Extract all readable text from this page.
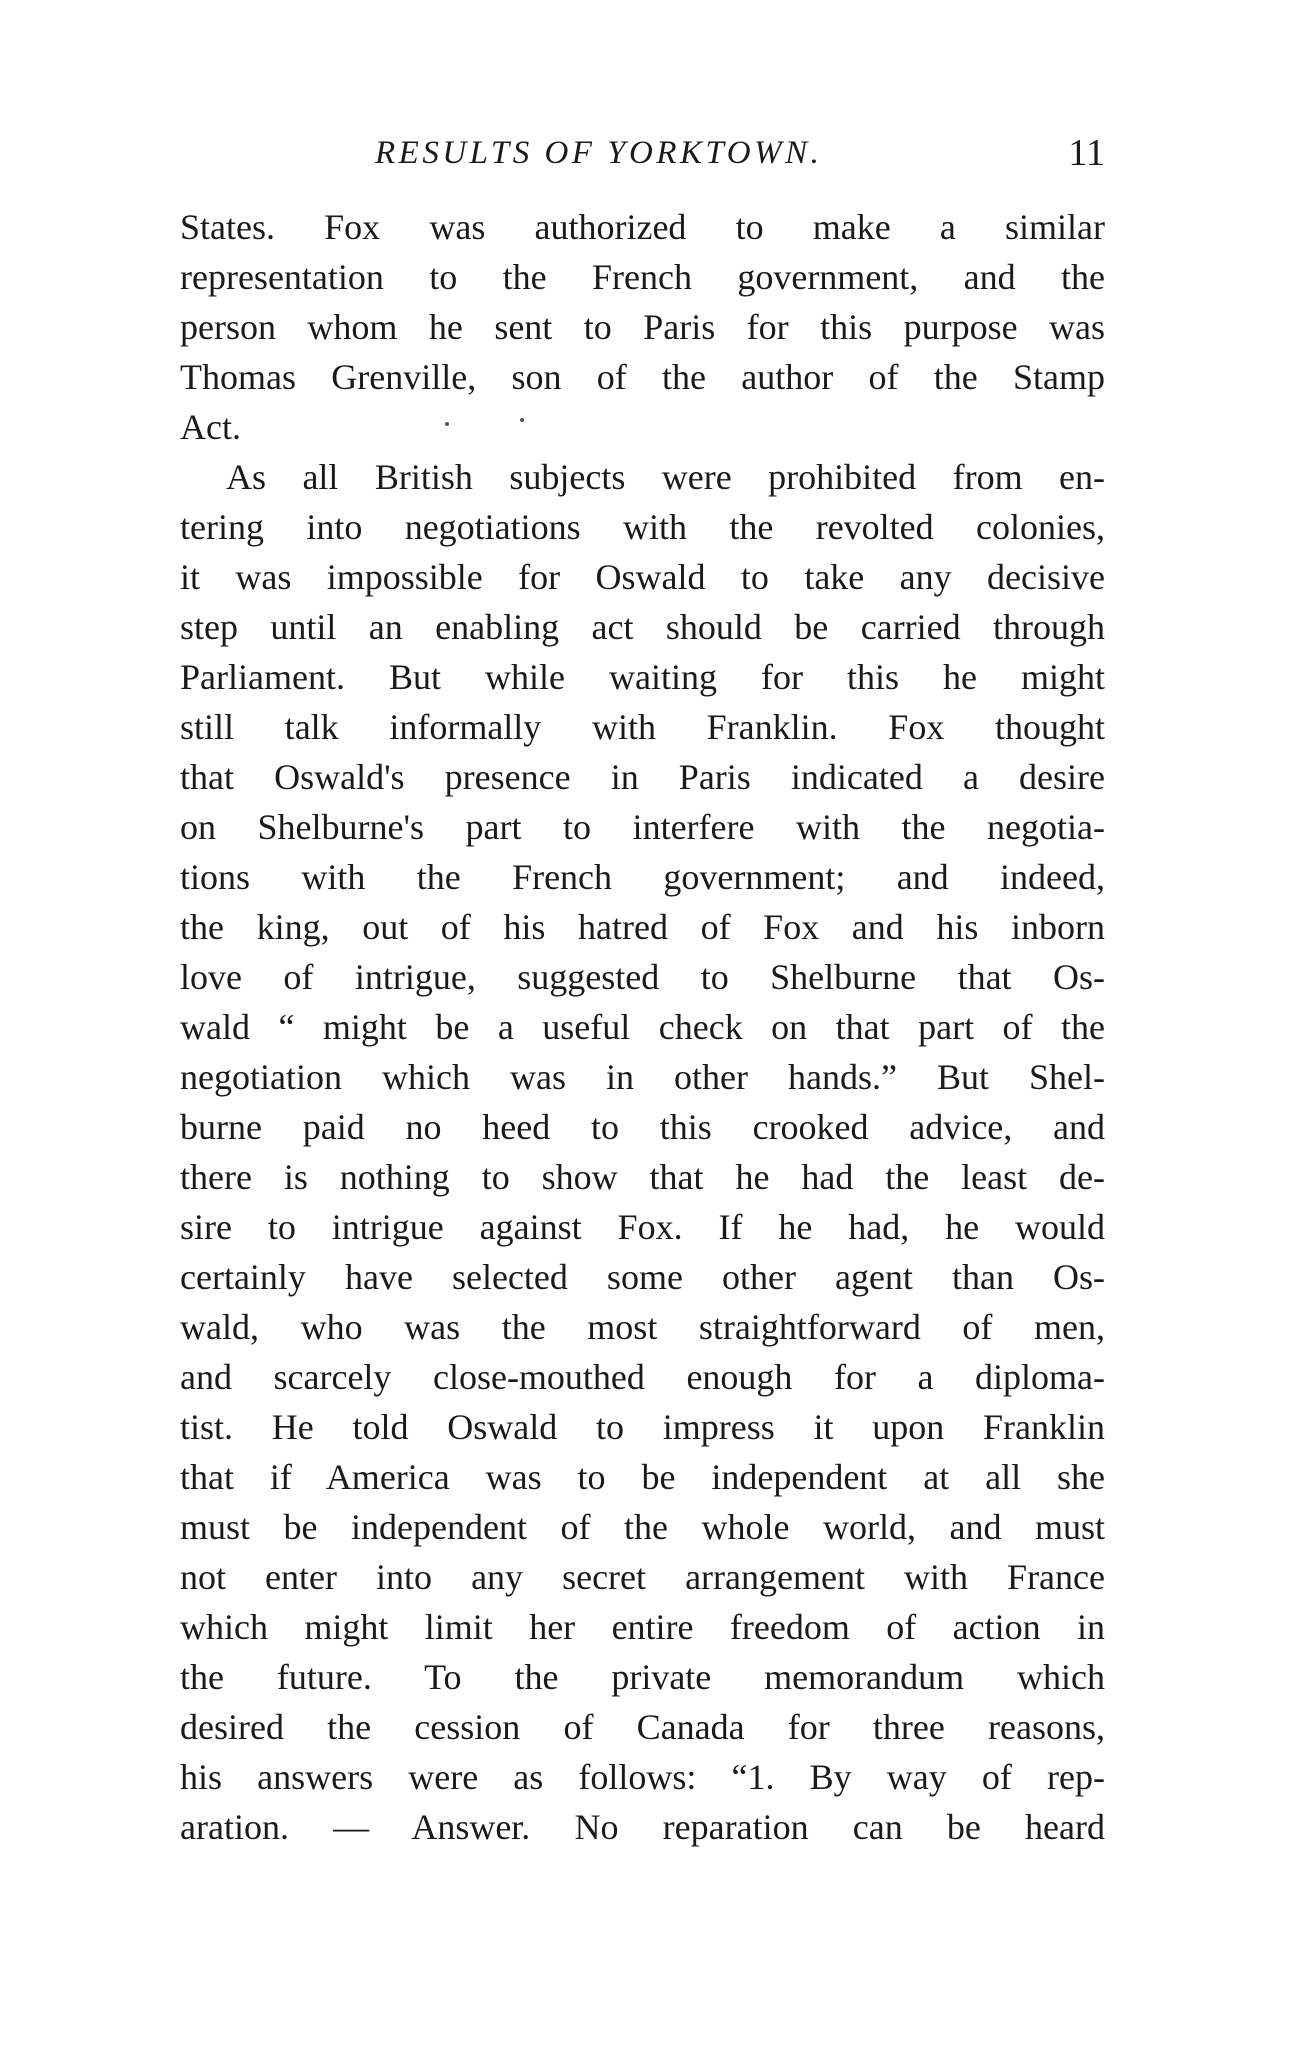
RESULTS OF YORKTOWN.	11
States. Fox was authorized to make a similar
representation to the French government, and the
person whom he sent to Paris for this purpose was
Thomas Grenville, son of the author of the Stamp
Act.
As all British subjects were prohibited from en-
tering into negotiations with the revolted colonies,
it was impossible for Oswald to take any decisive
step until an enabling act should be carried through
Parliament. But while waiting for this he might
still talk informally with Franklin. Fox thought
that Oswald's presence in Paris indicated a desire
on Shelburne's part to interfere with the negotia-
tions with the French government; and indeed,
the king, out of his hatred of Fox and his inborn
love of intrigue, suggested to Shelburne that Os-
wald “ might be a useful check on that part of the
negotiation which was in other hands.” But Shel-
burne paid no heed to this crooked advice, and
there is nothing to show that he had the least de-
sire to intrigue against Fox. If he had, he would
certainly have selected some other agent than Os-
wald, who was the most straightforward of men,
and scarcely close-mouthed enough for a diploma-
tist. He told Oswald to impress it upon Franklin
that if America was to be independent at all she
must be independent of the whole world, and must
not enter into any secret arrangement with France
which might limit her entire freedom of action in
the future. To the private memorandum which
desired the cession of Canada for three reasons,
his answers were as follows: “1. By way of rep-
aration. — Answer. No reparation can be heard
